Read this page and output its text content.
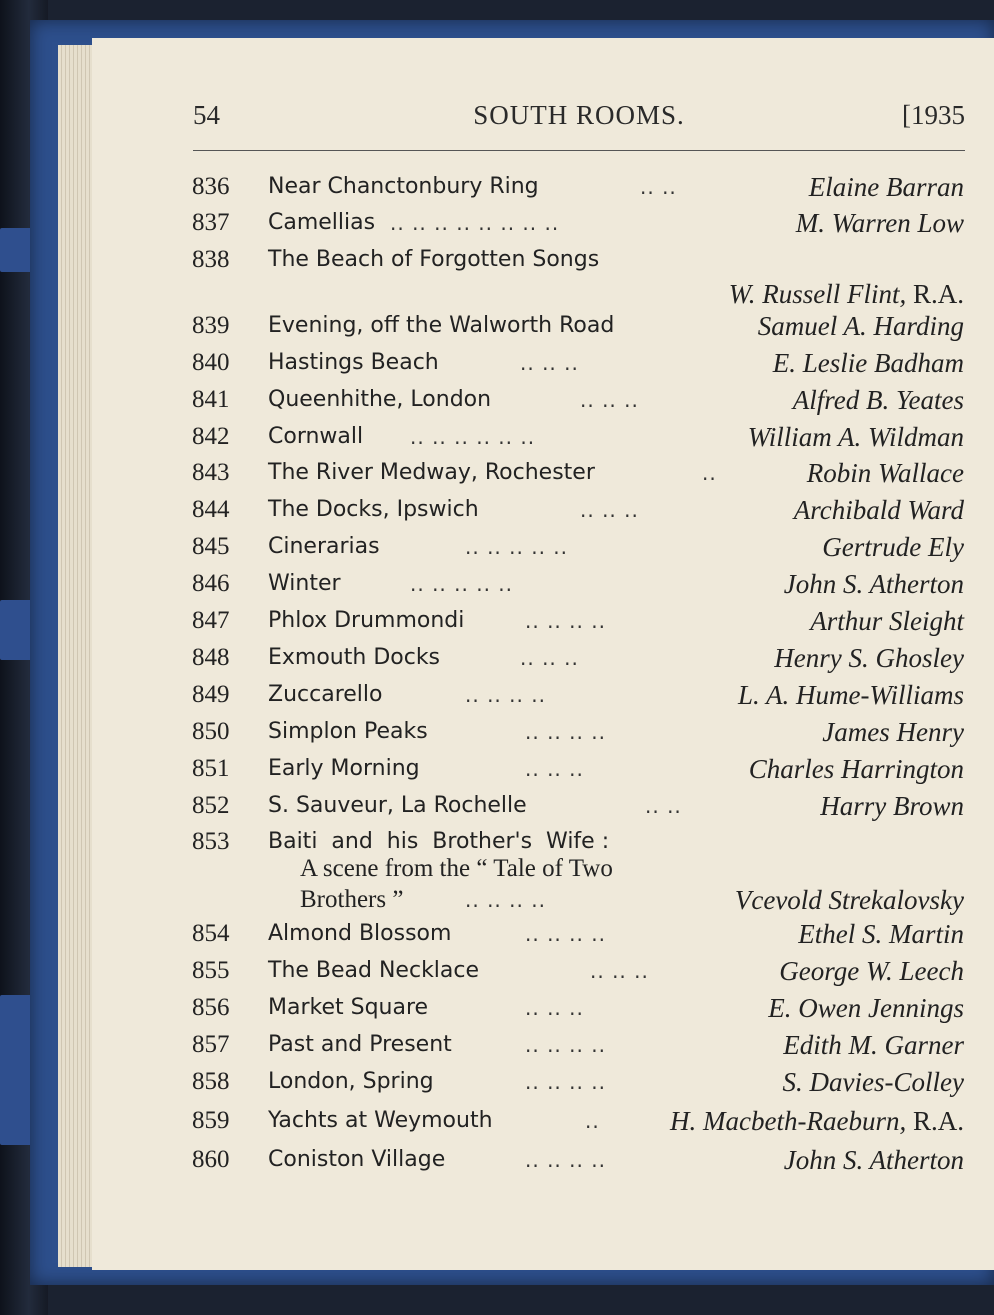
54	SOUTH ROOMS.	[1935
836 Near Chanctonbury Ring	.. ..	Elaine Barran
837 Camellias .. .. .. .. .. .. .. ..	M. Warren Low
838 The Beach of Forgotten Songs
W. Russell Flint, R.A.
839 Evening, off the Walworth Road	Samuel A. Harding
840 Hastings Beach	.. .. ..	E. Leslie Badham
841 Queenhithe, London	.. .. ..	Alfred B. Yeates
842 Cornwall .. .. .. .. .. ..	William A. Wildman
843 The River Medway, Rochester	..	Robin Wallace
844 The Docks, Ipswich	.. .. ..	Archibald Ward
845 Cinerarias	.. .. .. .. ..	Gertrude Ely
846 Winter	.. .. .. .. ..	John S. Atherton
847 Phlox Drummondi	.. .. .. ..	Arthur Sleight
848 Exmouth Docks	.. .. ..	Henry S. Ghosley
849 Zuccarello	.. .. .. ..	L. A. Hume-Williams
850 Simplon Peaks	.. .. .. ..	James Henry
851 Early Morning	.. .. ..	Charles Harrington
852 S. Sauveur, La Rochelle	.. ..	Harry Brown
853 Baiti  and  his  Brother's  Wife :
A scene from the “ Tale of Two
Brothers ”	.. .. .. ..	Vcevold Strekalovsky
854 Almond Blossom	.. .. .. ..	Ethel S. Martin
855 The Bead Necklace	.. .. ..	George W. Leech
856 Market Square	.. .. ..	E. Owen Jennings
857 Past and Present	.. .. .. ..	Edith M. Garner
858 London, Spring	.. .. .. ..	S. Davies-Colley
859 Yachts at Weymouth	..	H. Macbeth-Raeburn, R.A.
860 Coniston Village	.. .. .. ..	John S. Atherton
